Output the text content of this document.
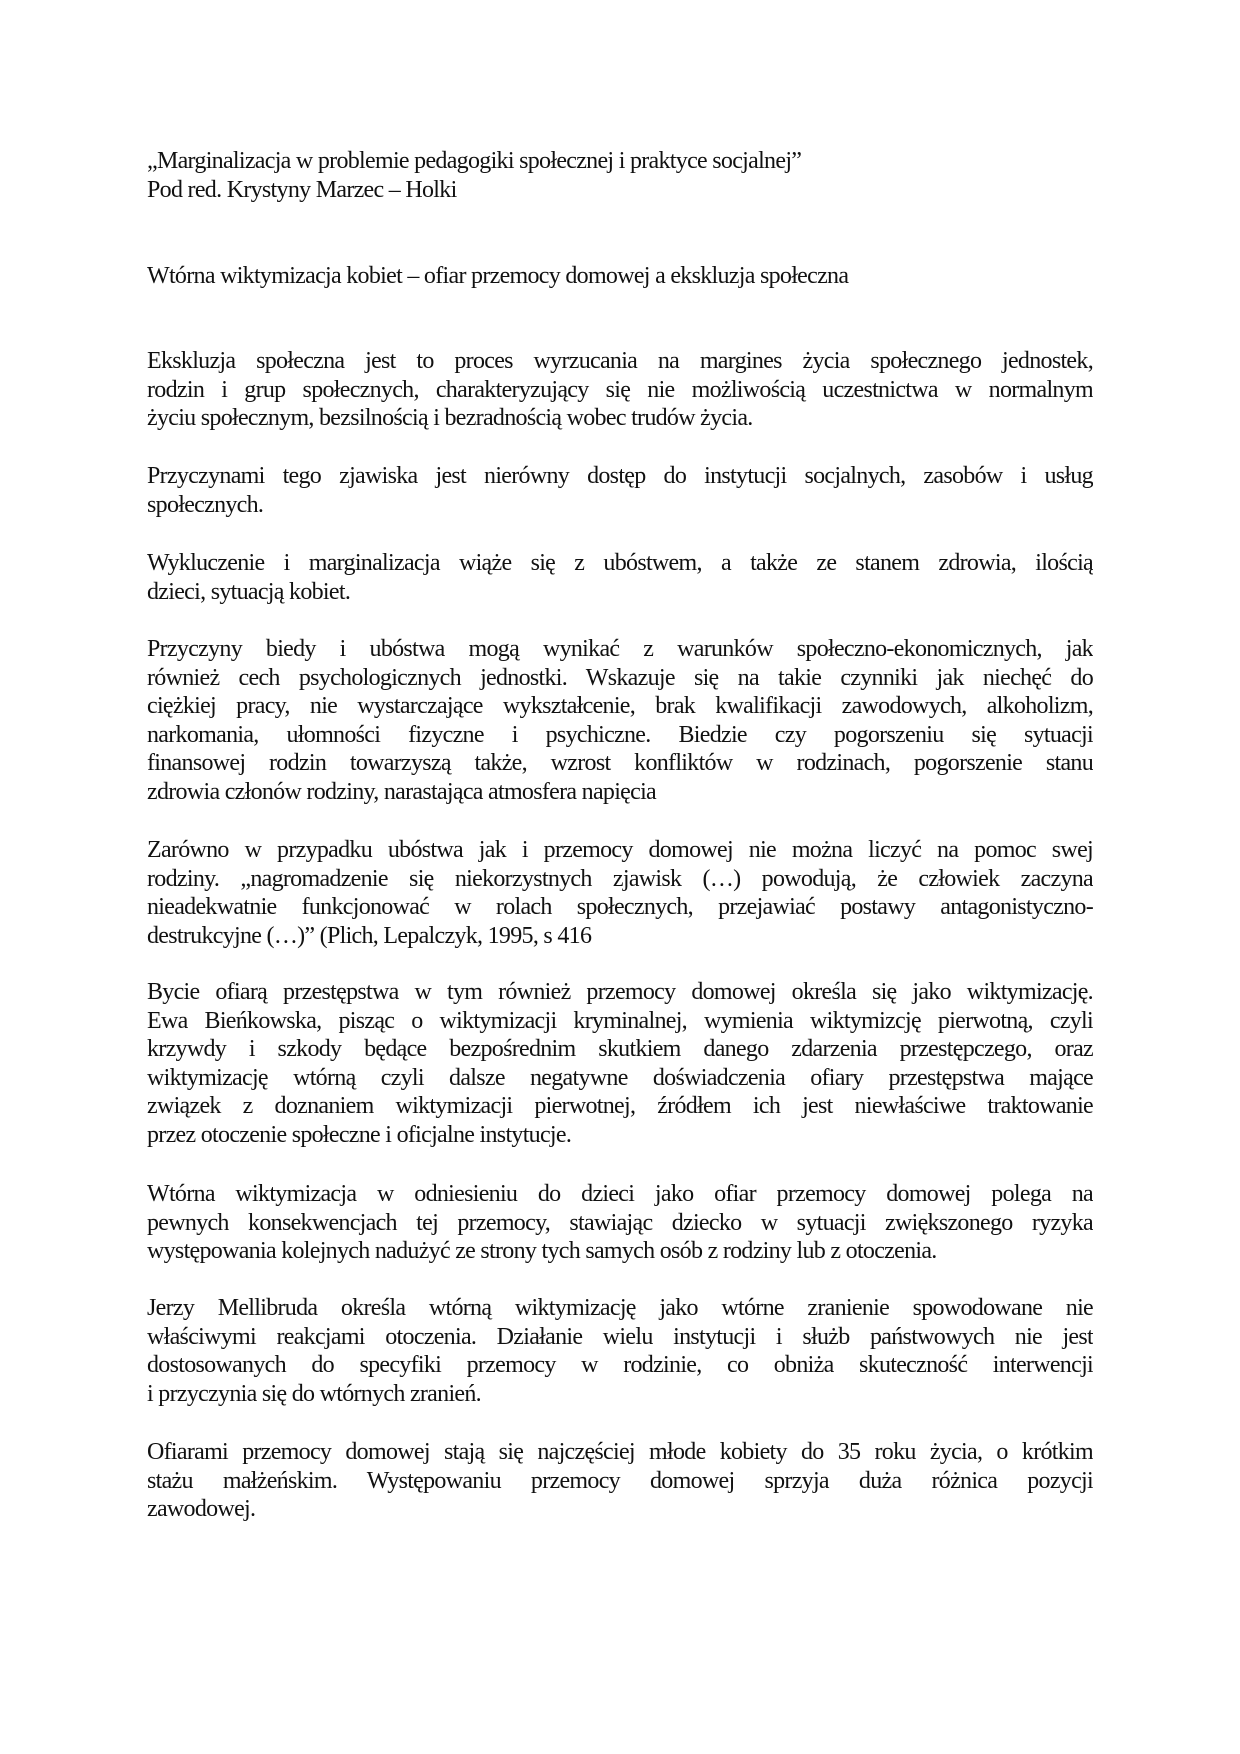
„Marginalizacja w problemie pedagogiki społecznej i praktyce socjalnej”
Pod red. Krystyny Marzec – Holki
Wtórna wiktymizacja kobiet – ofiar przemocy domowej a ekskluzja społeczna
Ekskluzja społeczna jest to proces wyrzucania na margines życia społecznego jednostek,
rodzin i grup społecznych, charakteryzujący się nie możliwością uczestnictwa w normalnym
życiu społecznym, bezsilnością i bezradnością wobec trudów życia.
Przyczynami tego zjawiska jest nierówny dostęp do instytucji socjalnych, zasobów i usług
społecznych.
Wykluczenie i marginalizacja wiąże się z ubóstwem, a także ze stanem zdrowia, ilością
dzieci, sytuacją kobiet.
Przyczyny biedy i ubóstwa mogą wynikać z warunków społeczno-ekonomicznych, jak
również cech psychologicznych jednostki. Wskazuje się na takie czynniki jak niechęć do
ciężkiej pracy, nie wystarczające wykształcenie, brak kwalifikacji zawodowych, alkoholizm,
narkomania, ułomności fizyczne i psychiczne. Biedzie czy pogorszeniu się sytuacji
finansowej rodzin towarzyszą także, wzrost konfliktów w rodzinach, pogorszenie stanu
zdrowia członów rodziny, narastająca atmosfera napięcia
Zarówno w przypadku ubóstwa jak i przemocy domowej nie można liczyć na pomoc swej
rodziny. „nagromadzenie się niekorzystnych zjawisk (…) powodują, że człowiek zaczyna
nieadekwatnie funkcjonować w rolach społecznych, przejawiać postawy antagonistyczno-
destrukcyjne (…)” (Plich, Lepalczyk, 1995, s 416
Bycie ofiarą przestępstwa w tym również przemocy domowej określa się jako wiktymizację.
Ewa Bieńkowska, pisząc o wiktymizacji kryminalnej, wymienia wiktymizcję pierwotną, czyli
krzywdy i szkody będące bezpośrednim skutkiem danego zdarzenia przestępczego, oraz
wiktymizację wtórną czyli dalsze negatywne doświadczenia ofiary przestępstwa mające
związek z doznaniem wiktymizacji pierwotnej, źródłem ich jest niewłaściwe traktowanie
przez otoczenie społeczne i oficjalne instytucje.
Wtórna wiktymizacja w odniesieniu do dzieci jako ofiar przemocy domowej polega na
pewnych konsekwencjach tej przemocy, stawiając dziecko w sytuacji zwiększonego ryzyka
występowania kolejnych nadużyć ze strony tych samych osób z rodziny lub z otoczenia.
Jerzy Mellibruda określa wtórną wiktymizację jako wtórne zranienie spowodowane nie
właściwymi reakcjami otoczenia. Działanie wielu instytucji i służb państwowych nie jest
dostosowanych do specyfiki przemocy w rodzinie, co obniża skuteczność interwencji
i przyczynia się do wtórnych zranień.
Ofiarami przemocy domowej stają się najczęściej młode kobiety do 35 roku życia, o krótkim
stażu małżeńskim. Występowaniu przemocy domowej sprzyja duża różnica pozycji
zawodowej.
